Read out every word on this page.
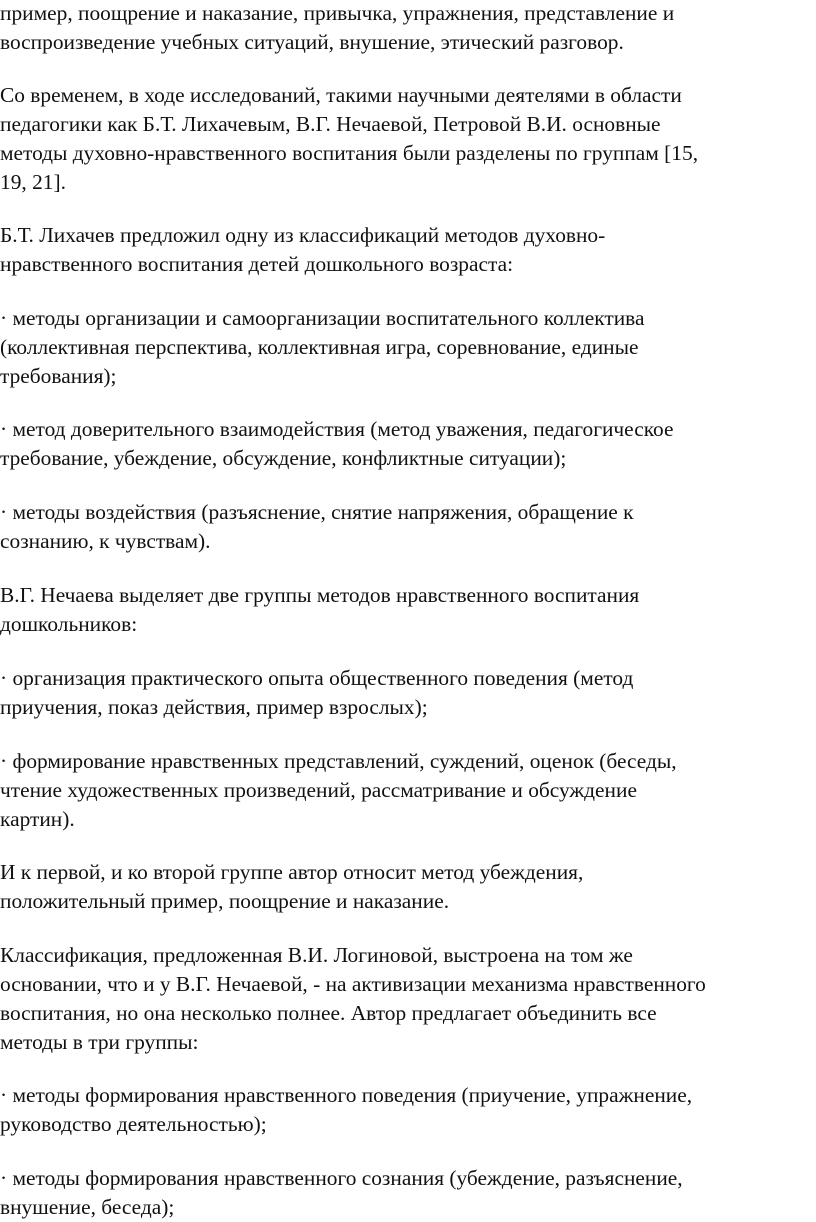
пример, поощрение и наказание, привычка, упражнения, представление и
воспроизведение учебных ситуаций, внушение, этический разговор.
Со временем, в ходе исследований, такими научными деятелями в области
педагогики как Б.Т. Лихачевым, В.Г. Нечаевой, Петровой В.И. основные
методы духовно-нравственного воспитания были разделены по группам [15,
19, 21].
Б.Т. Лихачев предложил одну из классификаций методов духовно-
нравственного воспитания детей дошкольного возраста:
· методы организации и самоорганизации воспитательного коллектива
(коллективная перспектива, коллективная игра, соревнование, единые
требования);
· метод доверительного взаимодействия (метод уважения, педагогическое
требование, убеждение, обсуждение, конфликтные ситуации);
· методы воздействия (разъяснение, снятие напряжения, обращение к
сознанию, к чувствам).
В.Г. Нечаева выделяет две группы методов нравственного воспитания
дошкольников:
· организация практического опыта общественного поведения (метод
приучения, показ действия, пример взрослых);
· формирование нравственных представлений, суждений, оценок (беседы,
чтение художественных произведений, рассматривание и обсуждение
картин).
И к первой, и ко второй группе автор относит метод убеждения,
положительный пример, поощрение и наказание.
Классификация, предложенная В.И. Логиновой, выстроена на том же
основании, что и у В.Г. Нечаевой, - на активизации механизма нравственного
воспитания, но она несколько полнее. Автор предлагает объединить все
методы в три группы:
· методы формирования нравственного поведения (приучение, упражнение,
руководство деятельностью);
· методы формирования нравственного сознания (убеждение, разъяснение,
внушение, беседа);
